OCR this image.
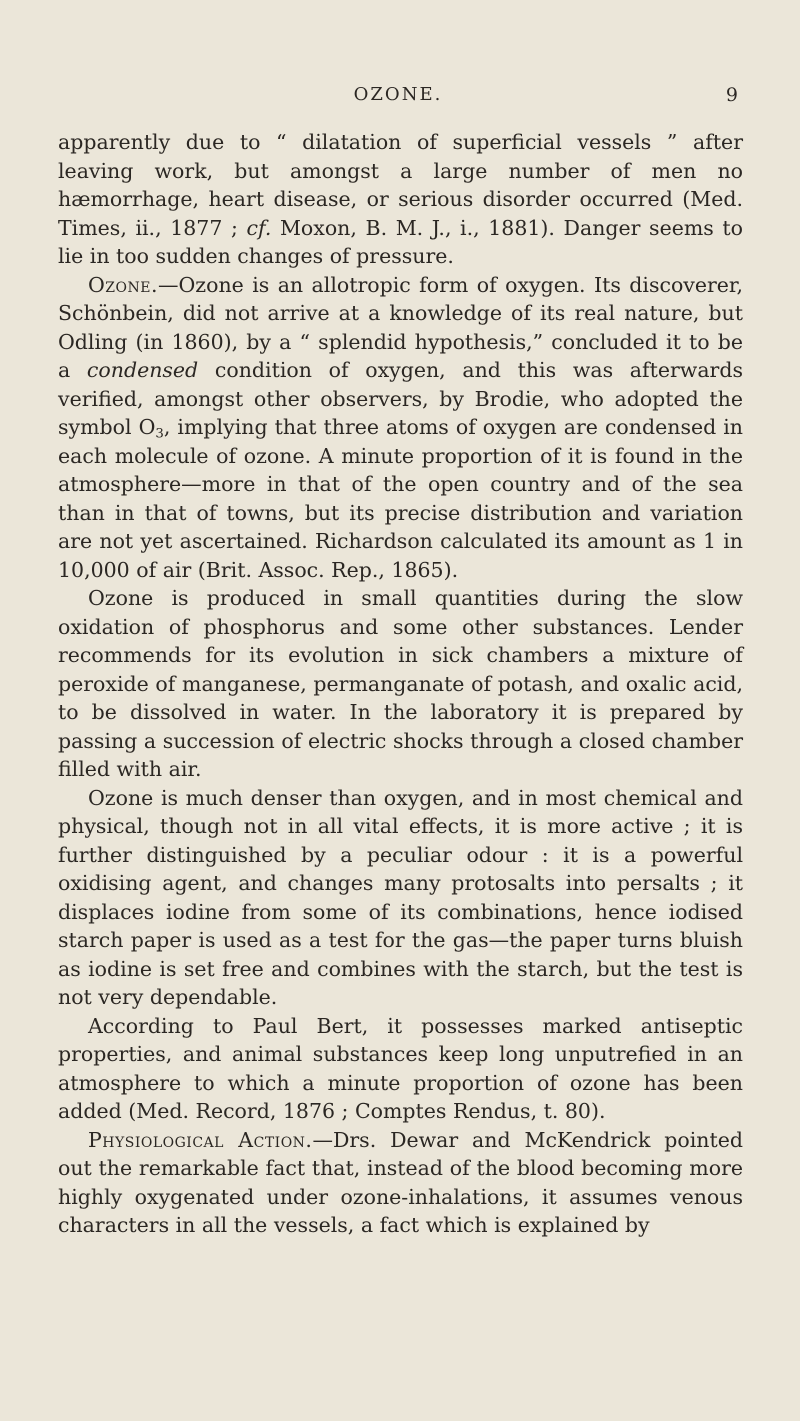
OZONE.	9

apparently due to “ dilatation of superficial vessels ” after leaving work, but amongst a large number of men no hæmorrhage, heart disease, or serious disorder occurred (Med. Times, ii., 1877 ; cf. Moxon, B. M. J., i., 1881). Danger seems to lie in too sudden changes of pressure.

Ozone.—Ozone is an allotropic form of oxygen. Its discoverer, Schönbein, did not arrive at a knowledge of its real nature, but Odling (in 1860), by a “ splendid hypothesis,” concluded it to be a condensed condition of oxygen, and this was afterwards verified, amongst other observers, by Brodie, who adopted the symbol $O_3$, implying that three atoms of oxygen are condensed in each molecule of ozone. A minute proportion of it is found in the atmosphere—more in that of the open country and of the sea than in that of towns, but its precise distribution and variation are not yet ascertained. Richardson calculated its amount as 1 in 10,000 of air (Brit. Assoc. Rep., 1865).

Ozone is produced in small quantities during the slow oxidation of phosphorus and some other substances. Lender recommends for its evolution in sick chambers a mixture of peroxide of manganese, permanganate of potash, and oxalic acid, to be dissolved in water. In the laboratory it is prepared by passing a succession of electric shocks through a closed chamber filled with air.

Ozone is much denser than oxygen, and in most chemical and physical, though not in all vital effects, it is more active ; it is further distinguished by a peculiar odour : it is a powerful oxidising agent, and changes many protosalts into persalts ; it displaces iodine from some of its combinations, hence iodised starch paper is used as a test for the gas—the paper turns bluish as iodine is set free and combines with the starch, but the test is not very dependable.

According to Paul Bert, it possesses marked antiseptic properties, and animal substances keep long unputrefied in an atmosphere to which a minute proportion of ozone has been added (Med. Record, 1876 ; Comptes Rendus, t. 80).

Physiological Action.—Drs. Dewar and McKendrick pointed out the remarkable fact that, instead of the blood becoming more highly oxygenated under ozone-inhalations, it assumes venous characters in all the vessels, a fact which is explained by
